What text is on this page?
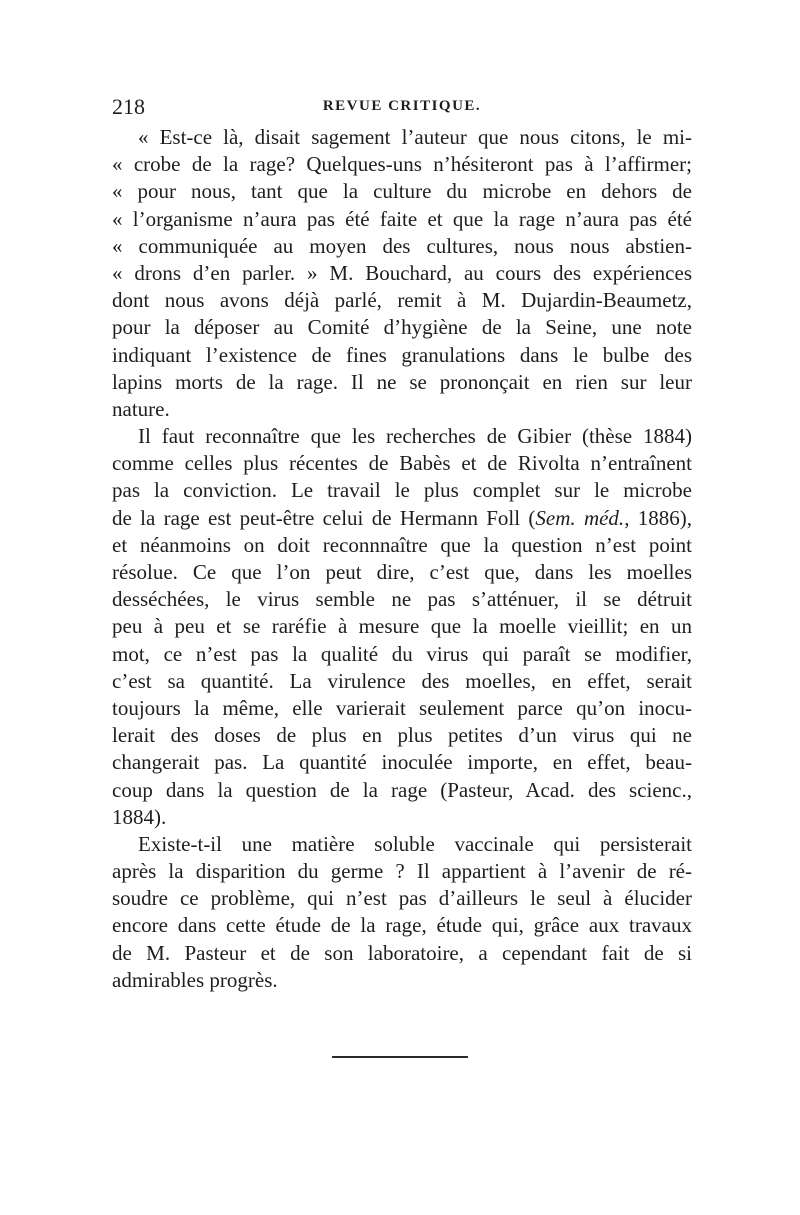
218	REVUE CRITIQUE.
« Est-ce là, disait sagement l’auteur que nous citons, le mi-
« crobe de la rage? Quelques-uns n’hésiteront pas à l’affirmer;
« pour nous, tant que la culture du microbe en dehors de
« l’organisme n’aura pas été faite et que la rage n’aura pas été
« communiquée au moyen des cultures, nous nous abstien-
« drons d’en parler. » M. Bouchard, au cours des expériences
dont nous avons déjà parlé, remit à M. Dujardin-Beaumetz,
pour la déposer au Comité d’hygiène de la Seine, une note
indiquant l’existence de fines granulations dans le bulbe des
lapins morts de la rage. Il ne se prononçait en rien sur leur
nature.
Il faut reconnaître que les recherches de Gibier (thèse 1884)
comme celles plus récentes de Babès et de Rivolta n’entraînent
pas la conviction. Le travail le plus complet sur le microbe
de la rage est peut-être celui de Hermann Foll (Sem. méd., 1886),
et néanmoins on doit reconnnaître que la question n’est point
résolue. Ce que l’on peut dire, c’est que, dans les moelles
desséchées, le virus semble ne pas s’atténuer, il se détruit
peu à peu et se raréfie à mesure que la moelle vieillit; en un
mot, ce n’est pas la qualité du virus qui paraît se modifier,
c’est sa quantité. La virulence des moelles, en effet, serait
toujours la même, elle varierait seulement parce qu’on inocu-
lerait des doses de plus en plus petites d’un virus qui ne
changerait pas. La quantité inoculée importe, en effet, beau-
coup dans la question de la rage (Pasteur, Acad. des scienc.,
1884).
Existe-t-il une matière soluble vaccinale qui persisterait
après la disparition du germe ? Il appartient à l’avenir de ré-
soudre ce problème, qui n’est pas d’ailleurs le seul à élucider
encore dans cette étude de la rage, étude qui, grâce aux travaux
de M. Pasteur et de son laboratoire, a cependant fait de si
admirables progrès.
